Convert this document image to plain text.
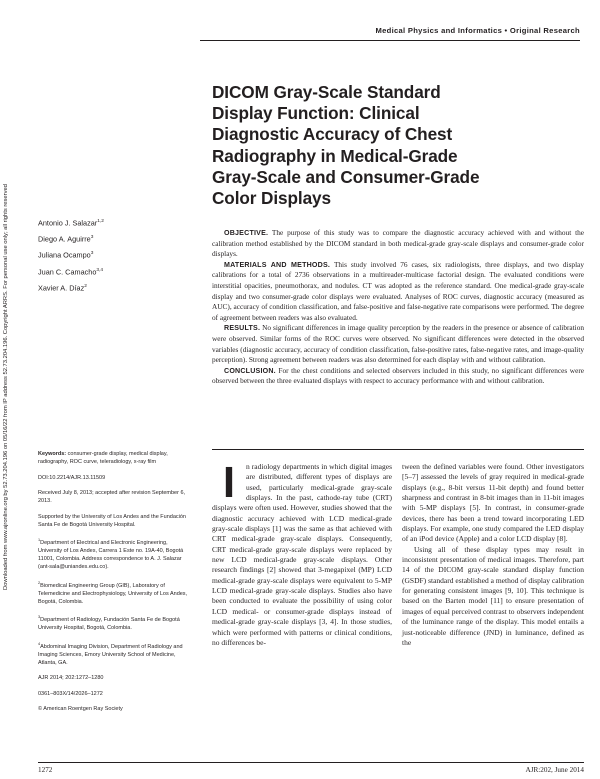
Medical Physics and Informatics • Original Research
Downloaded from www.ajronline.org by 52.73.204.196 on 05/16/22 from IP address 52.73.204.196. Copyright ARRS. For personal use only; all rights reserved
DICOM Gray-Scale Standard
Display Function: Clinical
Diagnostic Accuracy of Chest
Radiography in Medical-Grade
Gray-Scale and Consumer-Grade
Color Displays
Antonio J. Salazar$^{1,2}$
Diego A. Aguirre$^3$
Juliana Ocampo$^3$
Juan C. Camacho$^{3,4}$
Xavier A. Díaz$^2$

OBJECTIVE. The purpose of this study was to compare the diagnostic accuracy achieved with and without the calibration method established by the DICOM standard in both medical-grade gray-scale displays and consumer-grade color displays.

MATERIALS AND METHODS. This study involved 76 cases, six radiologists, three displays, and two display calibrations for a total of 2736 observations in a multireader-multicase factorial design. The evaluated conditions were interstitial opacities, pneumothorax, and nodules. CT was adopted as the reference standard. One medical-grade gray-scale display and two consumer-grade color displays were evaluated. Analyses of ROC curves, diagnostic accuracy (measured as AUC), accuracy of condition classification, and false-positive and false-negative rate comparisons were performed. The degree of agreement between readers was also evaluated.

RESULTS. No significant differences in image quality perception by the readers in the presence or absence of calibration were observed. Similar forms of the ROC curves were observed. No significant differences were detected in the observed variables (diagnostic accuracy, accuracy of condition classification, false-positive rates, false-negative rates, and image-quality perception). Strong agreement between readers was also determined for each display with and without calibration.

CONCLUSION. For the chest conditions and selected observers included in this study, no significant differences were observed between the three evaluated displays with respect to accuracy performance with and without calibration.

Keywords: consumer-grade display, medical display, radiography, ROC curve, teleradiology, x-ray film

DOI:10.2214/AJR.13.11509

Received July 8, 2013; accepted after revision September 6, 2013.

Supported by the University of Los Andes and the Fundación Santa Fe de Bogotá University Hospital.

$^1$Department of Electrical and Electronic Engineering, University of Los Andes, Carrera 1 Este no. 19A-40, Bogotá 11001, Colombia. Address correspondence to A. J. Salazar (ant-sala@uniandes.edu.co).

$^2$Biomedical Engineering Group (GIB), Laboratory of Telemedicine and Electrophysiology, University of Los Andes, Bogotá, Colombia.

$^3$Department of Radiology, Fundación Santa Fe de Bogotá University Hospital, Bogotá, Colombia.

$^4$Abdominal Imaging Division, Department of Radiology and Imaging Sciences, Emory University School of Medicine, Atlanta, GA.

AJR 2014; 202:1272–1280

0361–803X/14/2026–1272

© American Roentgen Ray Society

I	n radiology departments in which digital images are distributed, different types of displays are used, particularly medical-grade gray-scale displays. In the past, cathode-ray tube (CRT) displays were often used. However, studies showed that the diagnostic accuracy achieved with LCD medical-grade gray-scale displays [1] was the same as that achieved with CRT medical-grade gray-scale displays. Consequently, CRT medical-grade gray-scale displays were replaced by new LCD medical-grade gray-scale displays. Other research findings [2] showed that 3-megapixel (MP) LCD medical-grade gray-scale displays were equivalent to 5-MP LCD medical-grade gray-scale displays. Studies also have been conducted to evaluate the possibility of using color LCD medical- or consumer-grade displays instead of medical-grade gray-scale displays [3, 4]. In those studies, which were performed with patterns or clinical conditions, no differences be-

tween the defined variables were found. Other investigators [5–7] assessed the levels of gray required in medical-grade displays (e.g., 8-bit versus 11-bit depth) and found better sharpness and contrast in 8-bit images than in 11-bit images with 5-MP displays [5]. In contrast, in consumer-grade devices, there has been a trend toward incorporating LED displays. For example, one study compared the LED display of an iPod device (Apple) and a color LCD display [8].

Using all of these display types may result in inconsistent presentation of medical images. Therefore, part 14 of the DICOM gray-scale standard display function (GSDF) standard established a method of display calibration for generating consistent images [9, 10]. This technique is based on the Barten model [11] to ensure presentation of images of equal perceived contrast to observers independent of the luminance range of the display. This model entails a just-noticeable difference (JND) in luminance, defined as the

1272	AJR:202, June 2014
